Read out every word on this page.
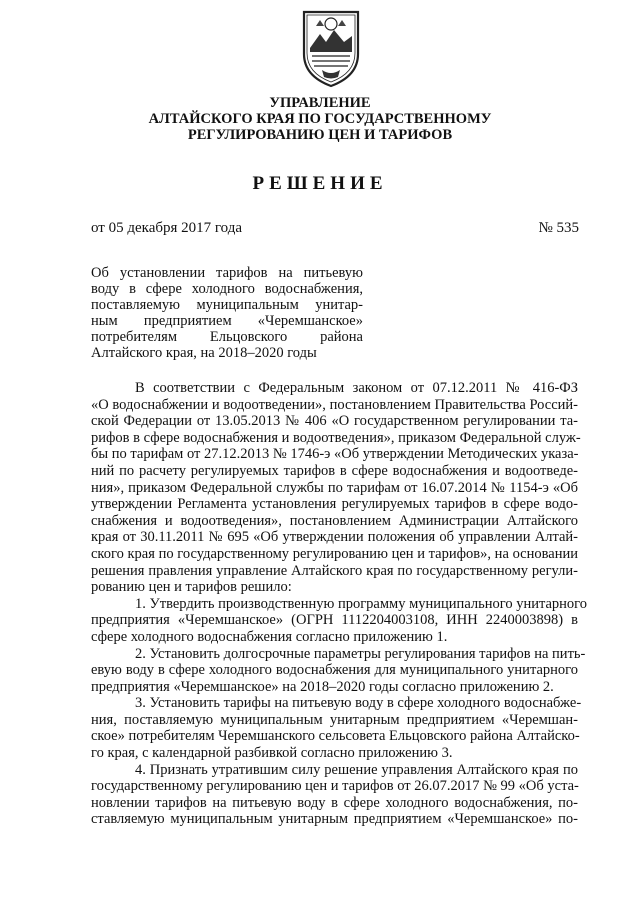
УПРАВЛЕНИЕ
АЛТАЙСКОГО КРАЯ ПО ГОСУДАРСТВЕННОМУ
РЕГУЛИРОВАНИЮ ЦЕН И ТАРИФОВ
РЕШЕНИЕ
от 05 декабря 2017 года	№ 535
Об установлении тарифов на питьевую
воду в сфере холодного водоснабжения,
поставляемую муниципальным унитар-
ным предприятием «Черемшанское»
потребителям Ельцовского района
Алтайского края, на 2018–2020 годы
В соответствии с Федеральным законом от 07.12.2011 № 416-ФЗ
«О водоснабжении и водоотведении», постановлением Правительства Россий-
ской Федерации от 13.05.2013 № 406 «О государственном регулировании та-
рифов в сфере водоснабжения и водоотведения», приказом Федеральной служ-
бы по тарифам от 27.12.2013 № 1746-э «Об утверждении Методических указа-
ний по расчету регулируемых тарифов в сфере водоснабжения и водоотведе-
ния», приказом Федеральной службы по тарифам от 16.07.2014 № 1154-э «Об
утверждении Регламента установления регулируемых тарифов в сфере водо-
снабжения и водоотведения», постановлением Администрации Алтайского
края от 30.11.2011 № 695 «Об утверждении положения об управлении Алтай-
ского края по государственному регулированию цен и тарифов», на основании
решения правления управление Алтайского края по государственному регули-
рованию цен и тарифов решило:
1. Утвердить производственную программу муниципального унитарного
предприятия «Черемшанское» (ОГРН 1112204003108, ИНН 2240003898) в
сфере холодного водоснабжения согласно приложению 1.
2. Установить долгосрочные параметры регулирования тарифов на пить-
евую воду в сфере холодного водоснабжения для муниципального унитарного
предприятия «Черемшанское» на 2018–2020 годы согласно приложению 2.
3. Установить тарифы на питьевую воду в сфере холодного водоснабже-
ния, поставляемую муниципальным унитарным предприятием «Черемшан-
ское» потребителям Черемшанского сельсовета Ельцовского района Алтайско-
го края, с календарной разбивкой согласно приложению 3.
4. Признать утратившим силу решение управления Алтайского края по
государственному регулированию цен и тарифов от 26.07.2017 № 99 «Об уста-
новлении тарифов на питьевую воду в сфере холодного водоснабжения, по-
ставляемую муниципальным унитарным предприятием «Черемшанское» по-
